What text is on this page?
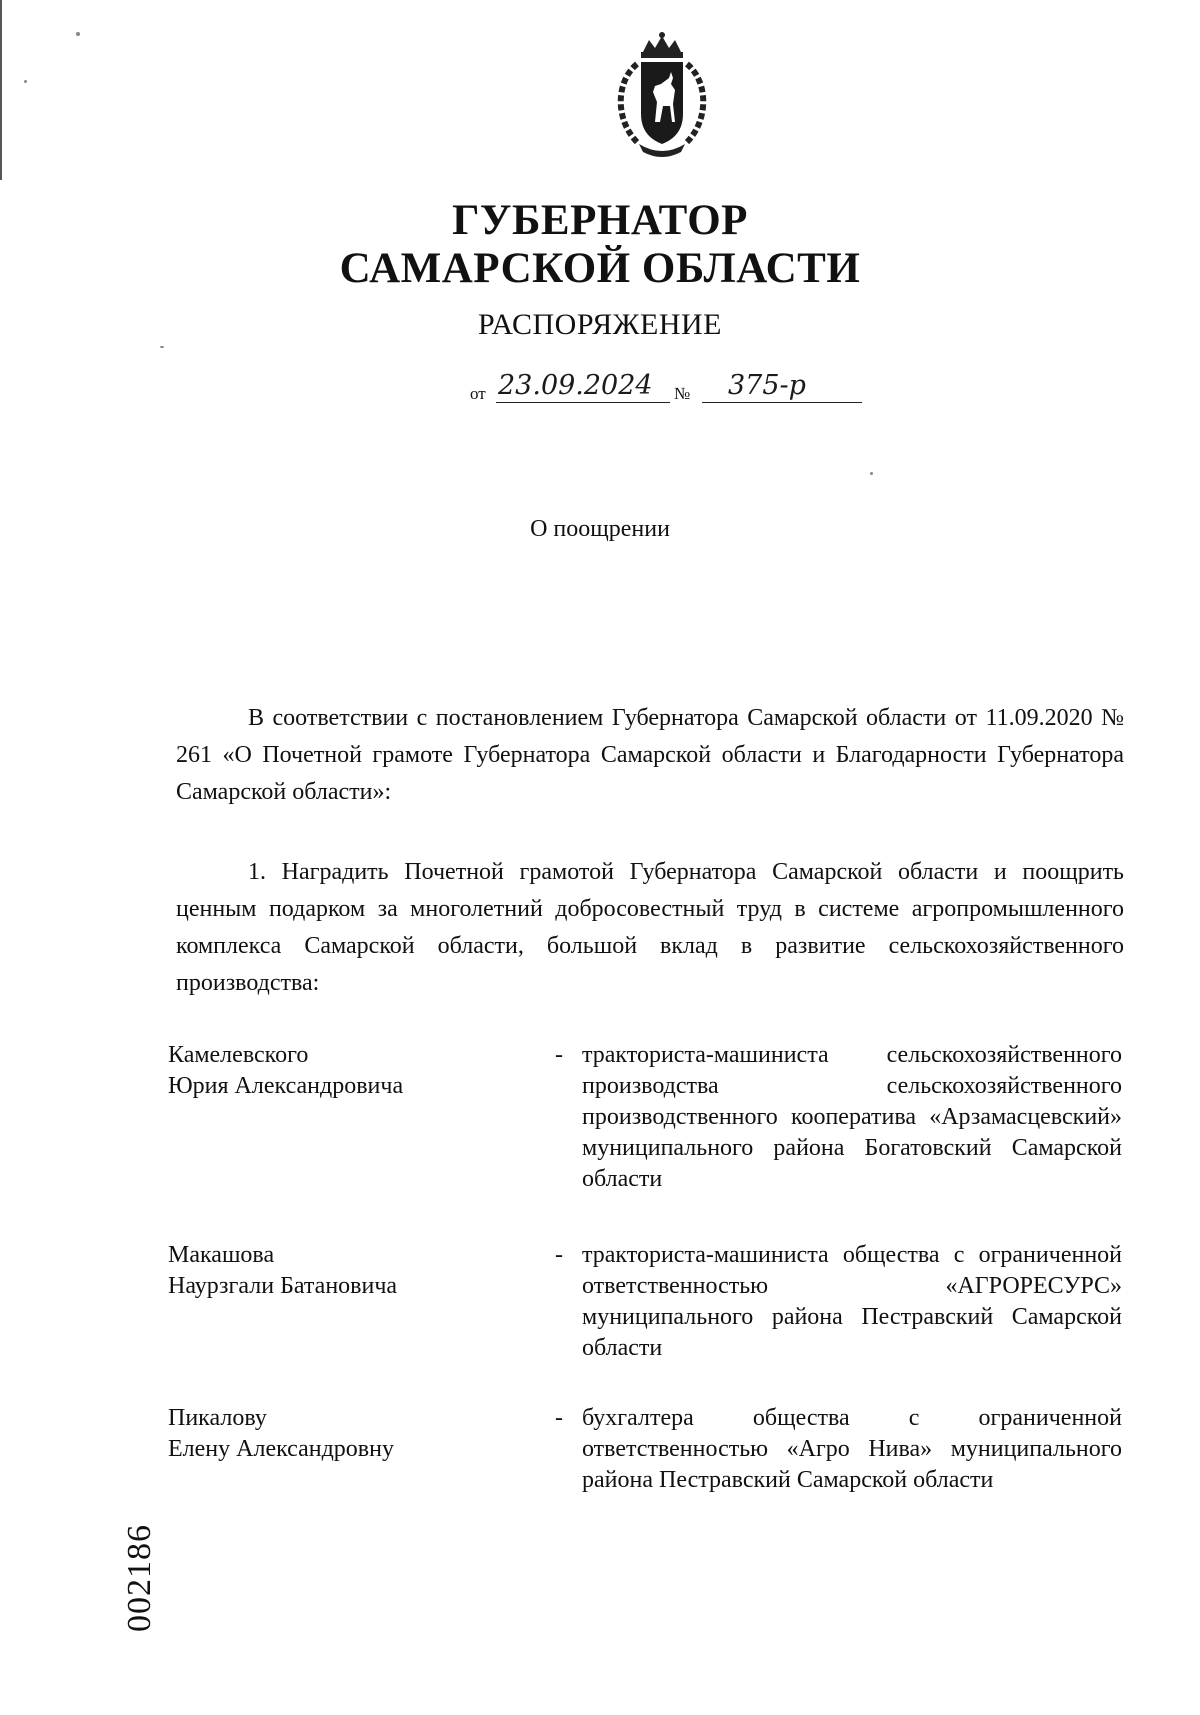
ГУБЕРНАТОР
САМАРСКОЙ ОБЛАСТИ
РАСПОРЯЖЕНИЕ
от 23.09.2024 № 375-р
О поощрении
В соответствии с постановлением Губернатора Самарской области от 11.09.2020 № 261 «О Почетной грамоте Губернатора Самарской области и Благодарности Губернатора Самарской области»:
1. Наградить Почетной грамотой Губернатора Самарской области и поощрить ценным подарком за многолетний добросовестный труд в системе агропромышленного комплекса Самарской области, большой вклад в развитие сельскохозяйственного производства:
Камелевского
Юрия Александровича
- тракториста-машиниста сельскохозяйственного производства сельскохозяйственного производственного кооператива «Арзамасцевский» муниципального района Богатовский Самарской области
Макашова
Наурзгали Батановича
- тракториста-машиниста общества с ограниченной ответственностью «АГРОРЕСУРС» муниципального района Пестравский Самарской области
Пикалову
Елену Александровну
- бухгалтера общества с ограниченной ответственностью «Агро Нива» муниципального района Пестравский Самарской области
002186
